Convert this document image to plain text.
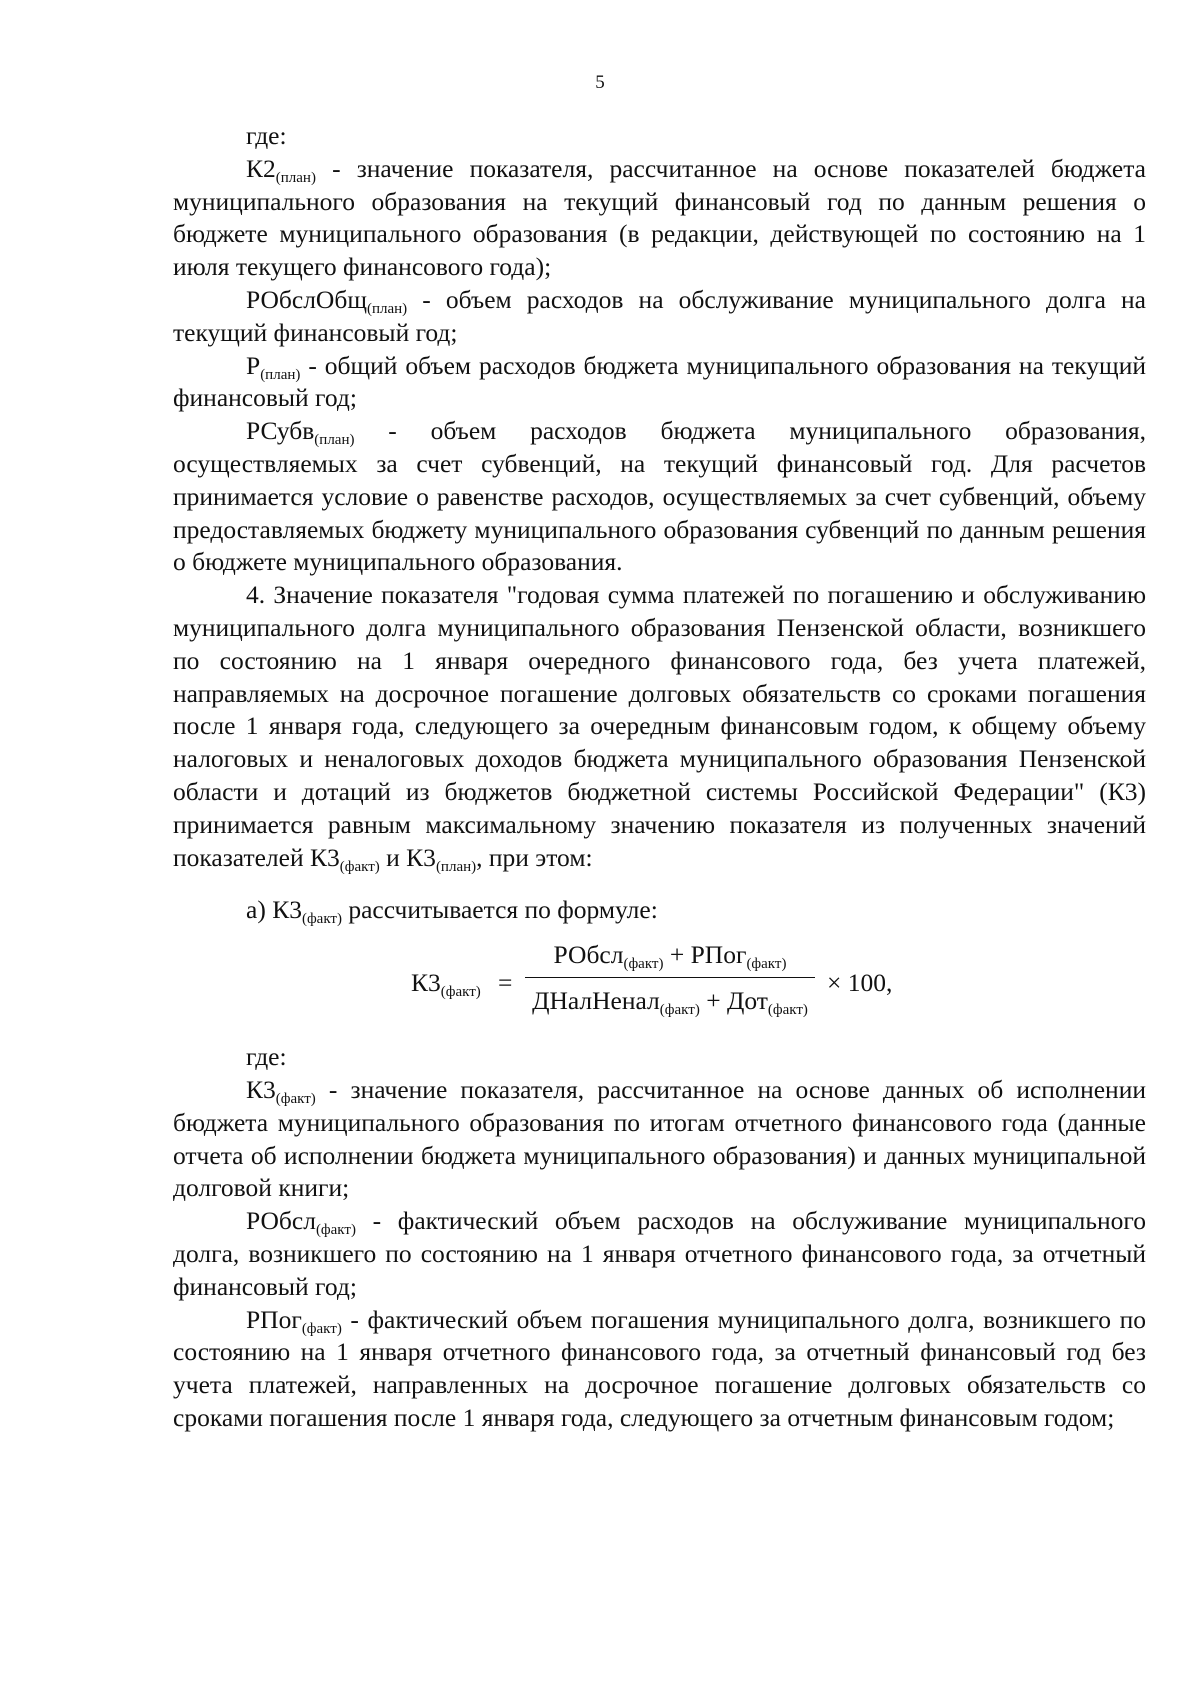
5

где:

$К2_{(план)}$ - значение показателя, рассчитанное на основе показателей бюджета муниципального образования на текущий финансовый год по данным решения о бюджете муниципального образования (в редакции, действующей по состоянию на 1 июля текущего финансового года);

РОбслОбщ$_{(план)}$ - объем расходов на обслуживание муниципального долга на текущий финансовый год;

$Р_{(план)}$ - общий объем расходов бюджета муниципального образования на текущий финансовый год;

РСубв$_{(план)}$ - объем расходов бюджета муниципального образования, осуществляемых за счет субвенций, на текущий финансовый год. Для расчетов принимается условие о равенстве расходов, осуществляемых за счет субвенций, объему предоставляемых бюджету муниципального образования субвенций по данным решения о бюджете муниципального образования.

4. Значение показателя "годовая сумма платежей по погашению и обслуживанию муниципального долга муниципального образования Пензенской области, возникшего по состоянию на 1 января очередного финансового года, без учета платежей, направляемых на досрочное погашение долговых обязательств со сроками погашения после 1 января года, следующего за очередным финансовым годом, к общему объему налоговых и неналоговых доходов бюджета муниципального образования Пензенской области и дотаций из бюджетов бюджетной системы Российской Федерации" (К3) принимается равным максимальному значению показателя из полученных значений показателей $К3_{(факт)}$ и $К3_{(план)}$, при этом:

а) $К3_{(факт)}$ рассчитывается по формуле:

$К3_{(факт)}$ =
РОбсл$_{(факт)}$ + РПог$_{(факт)}$
ДНалНенал$_{(факт)}$ + Дот$_{(факт)}$
× 100,

где:

$К3_{(факт)}$ - значение показателя, рассчитанное на основе данных об исполнении бюджета муниципального образования по итогам отчетного финансового года (данные отчета об исполнении бюджета муниципального образования) и данных муниципальной долговой книги;

РОбсл$_{(факт)}$ - фактический объем расходов на обслуживание муниципального долга, возникшего по состоянию на 1 января отчетного финансового года, за отчетный финансовый год;

РПог$_{(факт)}$ - фактический объем погашения муниципального долга, возникшего по состоянию на 1 января отчетного финансового года, за отчетный финансовый год без учета платежей, направленных на досрочное погашение долговых обязательств со сроками погашения после 1 января года, следующего за отчетным финансовым годом;
